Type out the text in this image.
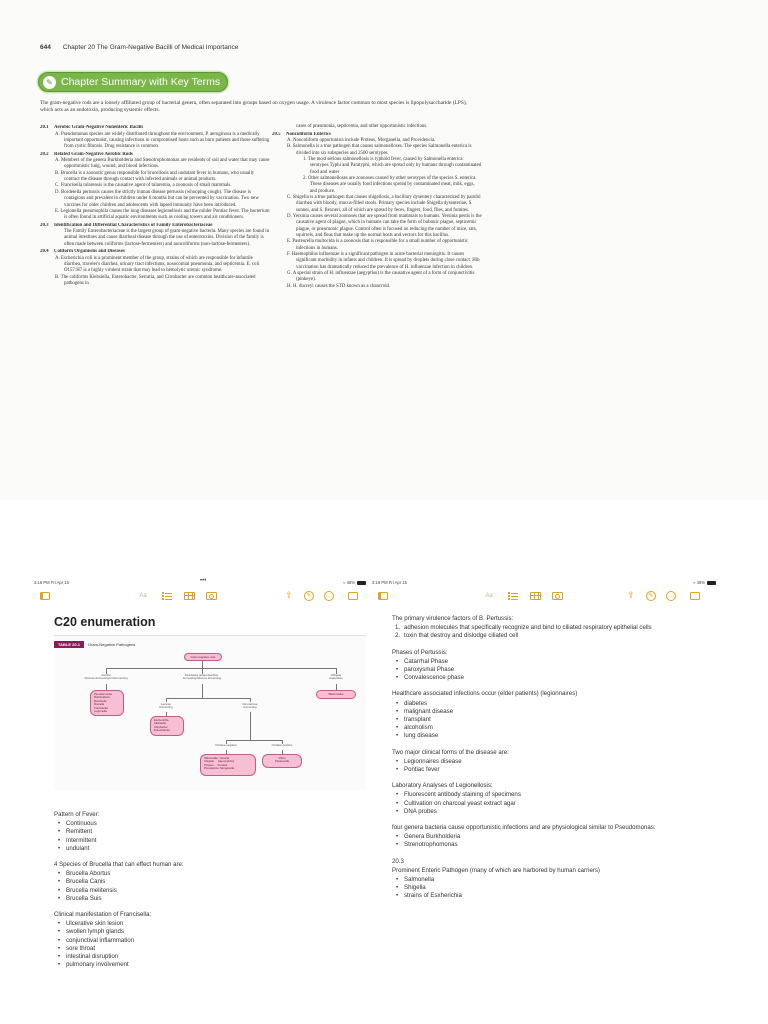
644 Chapter 20 The Gram-Negative Bacilli of Medical Importance
✎ Chapter Summary with Key Terms

The gram-negative rods are a loosely affiliated group of bacterial genera, often separated into groups based on oxygen usage. A virulence factor common to most species is lipopolysaccharide (LPS), which acts as an endotoxin, producing systemic effects.

20.1 Aerobic Gram-Negative Nonenteric Bacilli
A. Pseudomonas species are widely distributed throughout the environment. P. aeruginosa is a medically important opportunist, causing infections in compromised hosts such as burn patients and those suffering from cystic fibrosis. Drug resistance is common.
20.2 Related Gram-Negative Aerobic Rods
A. Members of the genera Burkholderia and Stenotrophomonas are residents of soil and water that may cause opportunistic lung, wound, and blood infections.
B. Brucella is a zoonotic genus responsible for brucellosis and undulant fever in humans, who usually contract the disease through contact with infected animals or animal products.
C. Francisella tularensis is the causative agent of tularemia, a zoonosis of small mammals.
D. Bordetella pertussis causes the strictly human disease pertussis (whooping cough). The disease is contagious and prevalent in children under 6 months but can be prevented by vaccination. Two new vaccines for older children and adolescents with lapsed immunity have been introduced.
E. Legionella pneumophila causes the lung diseases legionellosis and the milder Pontiac fever. The bacterium is often found in artificial aquatic environments such as cooling towers and air conditioners.
20.3 Identification and Differential Characteristics of Family Enterobacteriaceae
The Family Enterobacteriaceae is the largest group of gram-negative bacteria. Many species are found in animal intestines and cause diarrheal disease through the use of enterotoxins. Division of the family is often made between coliforms (lactose-fermenters) and noncoliforms (non-lactose-fermenters).
20.4 Coliform Organisms and Diseases
A. Escherichia coli is a prominent member of the group, strains of which are responsible for infantile diarrhea, traveler's diarrhea, urinary tract infections, nosocomial pneumonia, and septicemia. E. coli O157:H7 is a highly virulent strain that may lead to hemolytic uremic syndrome.
B. The coliforms Klebsiella, Enterobacter, Serratia, and Citrobacter are common healthcare-associated pathogens in
cases of pneumonia, septicemia, and other opportunistic infections.
20.5 Noncoliform Enterics
A. Noncoliform opportunists include Proteus, Morganella, and Providencia.
B. Salmonella is a true pathogen that causes salmonelloses. The species Salmonella enterica is divided into six subspecies and 2500 serotypes
1. The most serious salmonellosis is typhoid fever, caused by Salmonella enterica serotypes Typhi and Paratyphi, which are spread only by humans through contaminated food and water
2. Other salmonelloses are zoonoses caused by other serotypes of the species S. enterica. These diseases are usually food infections spread by contaminated meat, milk, eggs, and produce.
C. Shigella is a true pathogen that causes shigellosis, a bacillary dysentery characterized by painful diarrhea with bloody, mucus-filled stools. Primary species include Shigella dysenteriae, S. sonnei, and S. flexneri, all of which are spread by feces, fingers, food, flies, and fomites.
D. Yersinia causes several zoonoses that are spread from mammals to humans. Yersinia pestis is the causative agent of plague, which in humans can take the form of bubonic plague, septicemic plague, or pneumonic plague. Control often is focused on reducing the number of mice, rats, squirrels, and fleas that make up the normal hosts and vectors for this bacillus.
E. Pasteurella multocida is a zoonosis that is responsible for a small number of opportunistic infections in humans.
F. Haemophilus influenzae is a significant pathogen in acute bacterial meningitis. It causes significant morbidity in infants and children. It is spread by droplets during close contact. Hib vaccination has dramatically reduced the prevalence of H. influenzae infection in children.
G. A special strain of H. influenzae (aegyptius) is the causative agent of a form of conjunctivitis (pinkeye).
H. H. ducreyi causes the STD known as a chancroid.
3:16 PM Fri Apr 15	•••	≈ 46%
Aa	⇪	✎	…
C20 enumeration
TABLE 20.1	Gram-Negative Pathogens
Gram-negative rods
Aerobic
Glucose-fermenting/nonfermenting
Facultative anaerobes/Non-
fermenting/Glucose fermenting
Obligate
Anaerobes
Pseudomonas
Burkholderia
Bordetella
Brucella
Francisella
Legionella
Bacteroides
Lactose
fermenting
Non-lactose
fermenting
Escherichia
Klebsiella
Citrobacter
Enterobacter
Oxidase-negative	Oxidase-positive
Salmonella  Yersinia
Shigella     Haemophilus
Proteus     Serratia
Providencia  Morganella
Vibrio
Pasteurella
Pattern of Fever:
• Continuous
• Remittent
• Intermittent
• undulant
4 Species of Brucella that can effect human are:
• Brucella Abortus
• Brucella Canis
• Brucella melitensis
• Brucella Suis
Clinical manifestation of Francisella:
• Ulcerative skin lesion
• swollen lymph glands
• conjunctival inflammation
• sore throat
• intestinal disruption
• pulmonary involvement
3:16 PM Fri Apr 15	≈ 46%
Aa	⇪	✎	…
The primary virulence factors of B. Pertussis:
1. adhesion molecules that specifically recognize and bind to ciliated respiratory epithelial cells
2. toxin that destroy and dislodge ciliated cell
Phases of Pertussis:
• Catarrhal Phase
• paroxysmal Phase
• Convalescence phase
Healthcare associated infections occur (elder patients) (legionnaires)
• diabetes
• malignant disease
• transplant
• alcoholism
• lung disease
Two major clinical forms of the disease are:
• Legionnaires disease
• Pontiac fever
Laboratory Analyses of Legionellosis:
• Fluorescent antibody staining of specimens
• Cultivation on charcoal yeast extract agar
• DNA probes
four genera bacteria cause opportunistic infections and are physiological similar to Pseudomonas:
• Genera Burkholderia
• Strenotrophomonas
20.3
Prominent Enteric Pathogen (many of which are harbored by human carriers)
• Salmonella
• Shigella
• strains of Esxherichia
